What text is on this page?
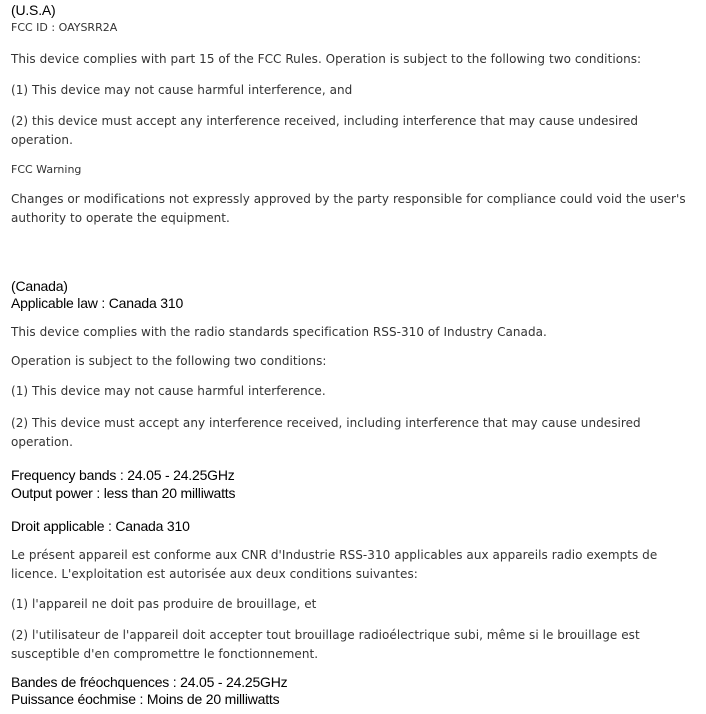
(U.S.A)
FCC ID : OAYSRR2A
This device complies with part 15 of the FCC Rules. Operation is subject to the following two conditions:
(1) This device may not cause harmful interference, and
(2) this device must accept any interference received, including interference that may cause undesired operation.
FCC Warning
Changes or modifications not expressly approved by the party responsible for compliance could void the user's authority to operate the equipment.
(Canada)
Applicable law : Canada 310
This device complies with the radio standards specification RSS-310 of Industry Canada.
Operation is subject to the following two conditions:
(1) This device may not cause harmful interference.
(2) This device must accept any interference received, including interference that may cause undesired operation.
Frequency bands : 24.05 - 24.25GHz
Output power : less than 20 milliwatts
Droit applicable : Canada 310
Le présent appareil est conforme aux CNR d'Industrie RSS-310 applicables aux appareils radio exempts de licence. L'exploitation est autorisée aux deux conditions suivantes:
(1) l'appareil ne doit pas produire de brouillage, et
(2) l'utilisateur de l'appareil doit accepter tout brouillage radioélectrique subi, même si le brouillage est susceptible d'en compromettre le fonctionnement.
Bandes de fréochquences : 24.05 - 24.25GHz
Puissance éochmise : Moins de 20 milliwatts
